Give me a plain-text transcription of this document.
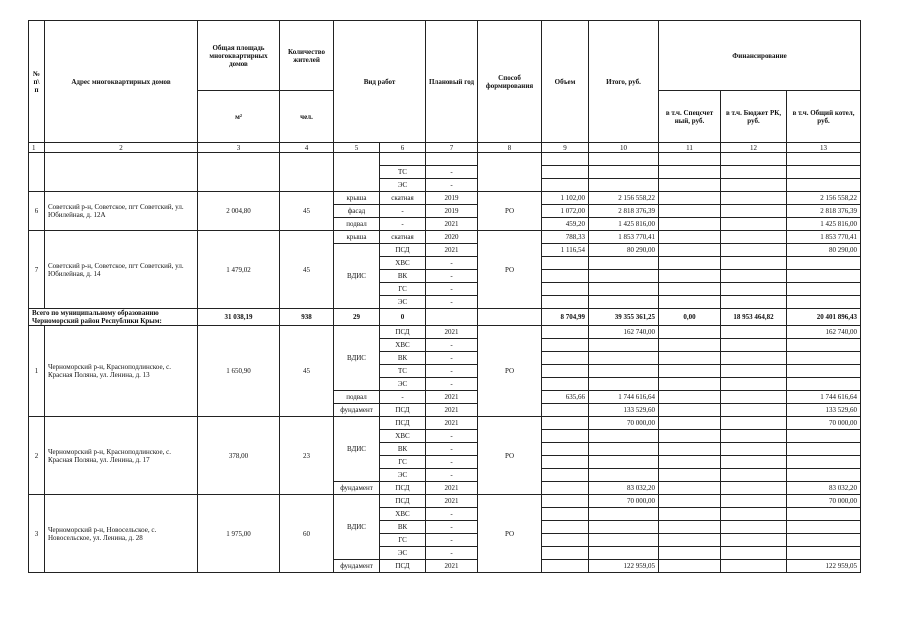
№ п\ п	Адрес многоквартирных домов	Общая площадь многоквартирных домов	Количество жителей	Вид работ		Плановый год	Способ формирования	Объем	Итого, руб.	Финансирование		
		м²	чел.							в т.ч. Спецсчет ный, руб.	в т.ч. Бюджет РК, руб.	в т.ч. Общий котел, руб.
1	2	3	4	5	6	7	8	9	10	11	12	13

					ТС	-						
					ЭС	-						
6	Советский р-н, Советское, пгт Советский, ул. Юбилейная, д. 12А	2 004,80	45	крыша	скатная	2019	РО	1 102,00	2 156 558,22			2 156 558,22
				фасад	-	2019		1 072,00	2 818 376,39			2 818 376,39
				подвал	-	2021		459,20	1 425 816,00			1 425 816,00
7	Советский р-н, Советское, пгт Советский, ул. Юбилейная, д. 14	1 479,02	45	крыша	скатная	2020	РО	788,33	1 853 770,41			1 853 770,41
				ВДИС	ПСД	2021		1 116,54	80 290,00			80 290,00
					ХВС	-						
					ВК	-						
					ГС	-						
					ЭС	-						
Всего по муниципальному образованию Черноморский район Республики Крым:		31 038,19	938	29	0			8 704,99	39 355 361,25	0,00	18 953 464,82	20 401 896,43
1	Черноморский р-н, Красноподлинское, с. Красная Поляна, ул. Ленина, д. 13	1 650,90	45	ВДИС	ПСД	2021	РО		162 740,00			162 740,00
					ХВС	-						
					ВК	-						
					ТС	-						
					ЭС	-						
				подвал	-	2021		635,66	1 744 616,64			1 744 616,64
				фундамент	ПСД	2021			133 529,60			133 529,60
2	Черноморский р-н, Красноподлинское, с. Красная Поляна, ул. Ленина, д. 17	378,00	23	ВДИС	ПСД	2021	РО		70 000,00			70 000,00
					ХВС	-						
					ВК	-						
					ГС	-						
					ЭС	-						
				фундамент	ПСД	2021			83 032,20			83 032,20
3	Черноморский р-н, Новосельское, с. Новосельское, ул. Ленина, д. 28	1 975,00	60	ВДИС	ПСД	2021	РО		70 000,00			70 000,00
					ХВС	-						
					ВК	-						
					ГС	-						
					ЭС	-						
				фундамент	ПСД	2021			122 959,05			122 959,05
